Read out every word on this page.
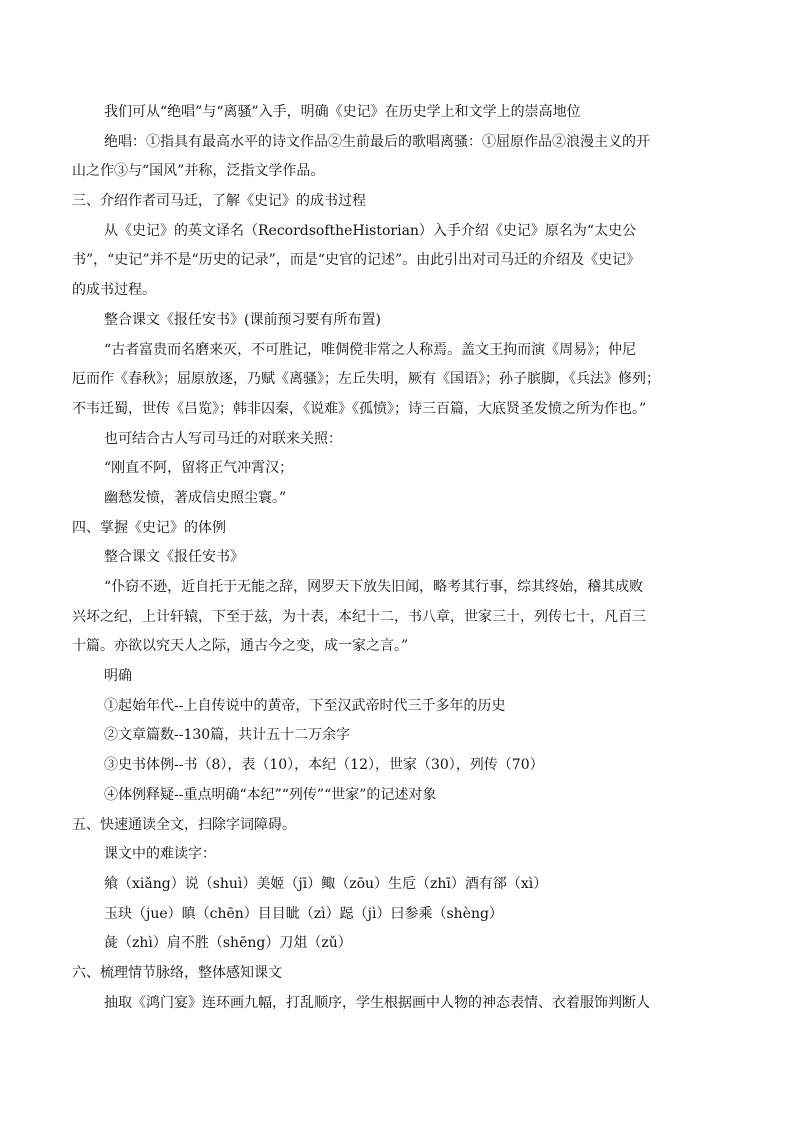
我们可从“绝唱”与“离骚”入手，明确《史记》在历史学上和文学上的崇高地位
绝唱：①指具有最高水平的诗文作品②生前最后的歌唱离骚：①屈原作品②浪漫主义的开
山之作③与“国风”并称，泛指文学作品。
三、介绍作者司马迁，了解《史记》的成书过程
从《史记》的英文译名（RecordsoftheHistorian）入手介绍《史记》原名为“太史公
书”，“史记”并不是“历史的记录”，而是“史官的记述”。由此引出对司马迁的介绍及《史记》
的成书过程。
整合课文《报任安书》(课前预习要有所布置)
“古者富贵而名磨来灭，不可胜记，唯倜傥非常之人称焉。盖文王拘而演《周易》；仲尼
厄而作《春秋》；屈原放逐，乃赋《离骚》；左丘失明，厥有《国语》；孙子膑脚，《兵法》修列；
不韦迁蜀，世传《吕览》；韩非囚秦，《说难》《孤愤》；诗三百篇，大底贤圣发愤之所为作也。”
也可结合古人写司马迁的对联来关照：
“刚直不阿，留将正气冲霄汉；
幽愁发愤，著成信史照尘寰。”
四、掌握《史记》的体例
整合课文《报任安书》
“仆窃不逊，近自托于无能之辞，网罗天下放失旧闻，略考其行事，综其终始，稽其成败
兴坏之纪，上计轩辕，下至于兹，为十表，本纪十二，书八章，世家三十，列传七十，凡百三
十篇。亦欲以究天人之际，通古今之变，成一家之言。”
明确
①起始年代--上自传说中的黄帝，下至汉武帝时代三千多年的历史
②文章篇数--130篇，共计五十二万余字
③史书体例--书（8），表（10），本纪（12），世家（30），列传（70）
④体例释疑--重点明确“本纪”“列传”“世家”的记述对象
五、快速通读全文，扫除字词障碍。
课文中的难读字：
飨（xiǎng）说（shuì）美姬（jī）鲰（zōu）生卮（zhī）酒有郤（xì）
玉玦（jue）瞋（chēn）目目眦（zì）跽（jì）曰参乘（shèng）
彘（zhì）肩不胜（shēng）刀俎（zǔ）
六、梳理情节脉络，整体感知课文
抽取《鸿门宴》连环画九幅，打乱顺序，学生根据画中人物的神态表情、衣着服饰判断人
